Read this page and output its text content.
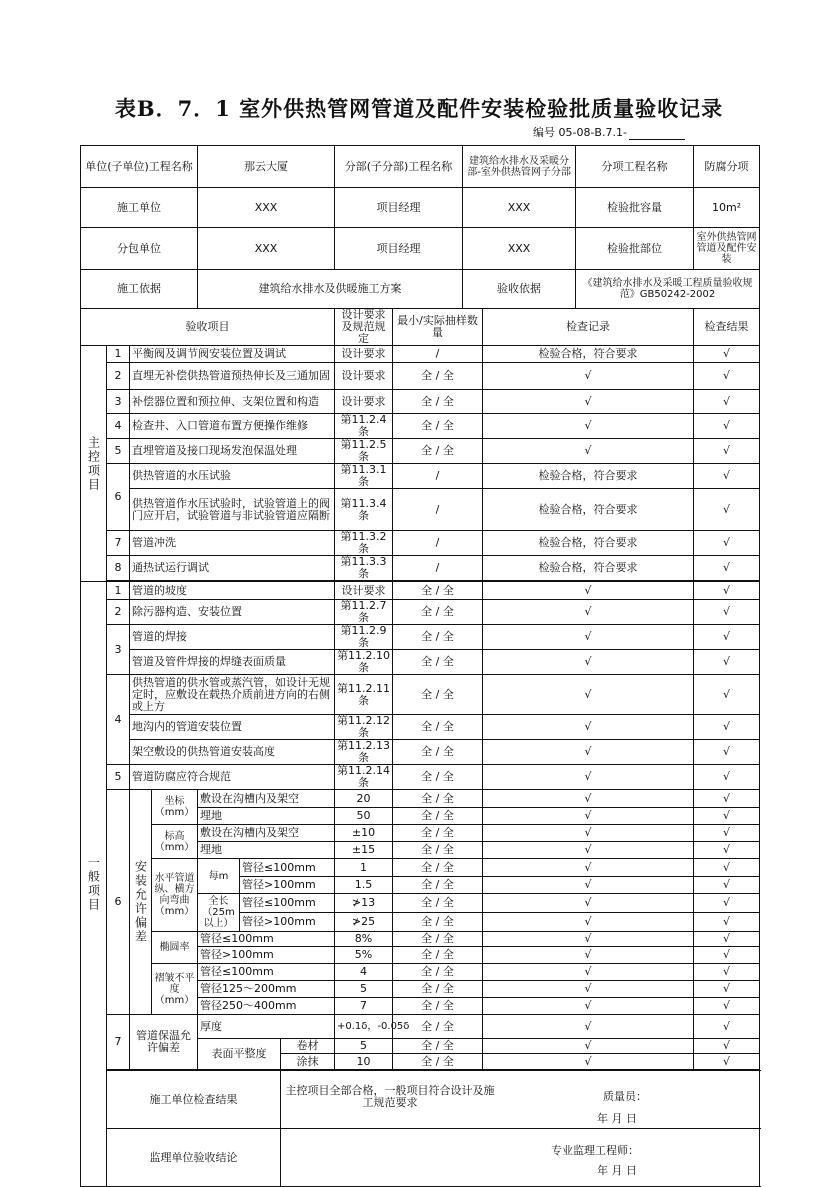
表B．7．1 室外供热管网管道及配件安装检验批质量验收记录
编号 05-08-B.7.1-
单位(子单位)工程名称				那云大厦			分部(子分部)工程名称		建筑给水排水及采暖分部-室外供热管网子分部		分项工程名称	防腐分项
施工单位				XXX			项目经理		XXX		检验批容量	10m²
分包单位				XXX			项目经理		XXX		检验批部位	室外供热管网管道及配件安装
施工依据				建筑给水排水及供暖施工方案					验收依据		《建筑给水排水及采暖工程质量验收规范》GB50242-2002	
验收项目							设计要求及规范规定	最小/实际抽样数量		检查记录		检查结果
主控项目	1	平衡阀及调节阀安装位置及调试					设计要求	/		检验合格，符合要求		√
	2	直埋无补偿供热管道预热伸长及三通加固					设计要求	全 / 全		√		√
	3	补偿器位置和预拉伸、支架位置和构造					设计要求	全 / 全		√		√
	4	检查井、入口管道布置方便操作维修					第11.2.4条	全 / 全		√		√
	5	直埋管道及接口现场发泡保温处理					第11.2.5条	全 / 全		√		√
	6	供热管道的水压试验					第11.3.1条	/		检验合格，符合要求		√
		供热管道作水压试验时，试验管道上的阀门应开启，试验管道与非试验管道应隔断					第11.3.4条	/		检验合格，符合要求		√
	7	管道冲洗					第11.3.2条	/		检验合格，符合要求		√
	8	通热试运行调试					第11.3.3条	/		检验合格，符合要求		√

一般项目	1	管道的坡度					设计要求	全 / 全		√		√
	2	除污器构造、安装位置					第11.2.7条	全 / 全		√		√
	3	管道的焊接					第11.2.9条	全 / 全		√		√
		管道及管件焊接的焊缝表面质量					第11.2.10条	全 / 全		√		√
	4	供热管道的供水管或蒸汽管，如设计无规定时，应敷设在载热介质前进方向的右侧或上方					第11.2.11条	全 / 全		√		√
		地沟内的管道安装位置					第11.2.12条	全 / 全		√		√
		架空敷设的供热管道安装高度					第11.2.13条	全 / 全		√		√
	5	管道防腐应符合规范					第11.2.14条	全 / 全		√		√
	6	安装允许偏差	坐标（mm）	敷设在沟槽内及架空			20	全 / 全		√		√
				埋地			50	全 / 全		√		√
			标高（mm）	敷设在沟槽内及架空			±10	全 / 全		√		√
				埋地			±15	全 / 全		√		√
			水平管道纵、横方向弯曲（mm）	每m	管径≤100mm		1	全 / 全		√		√
					管径>100mm		1.5	全 / 全		√		√
				全长（25m以上）	管径≤100mm		≯13	全 / 全		√		√
					管径>100mm		≯25	全 / 全		√		√
			椭圆率	管径≤100mm			8%	全 / 全		√		√
				管径>100mm			5%	全 / 全		√		√
			褶皱不平度（mm）	管径≤100mm			4	全 / 全		√		√
				管径125～200mm			5	全 / 全		√		√
				管径250～400mm			7	全 / 全		√		√
	7	管道保温允许偏差		厚度			+0.1δ，-0.05δ	全 / 全		√		√
				表面平整度		卷材	5	全 / 全		√		√
						涂抹	10	全 / 全		√		√

	施工单位检查结果					主控项目全部合格，一般项目符合设计及施工规范要求 质量员：
年 月 日						

	监理单位验收结论					专业监理工程师：
年 月 日						
